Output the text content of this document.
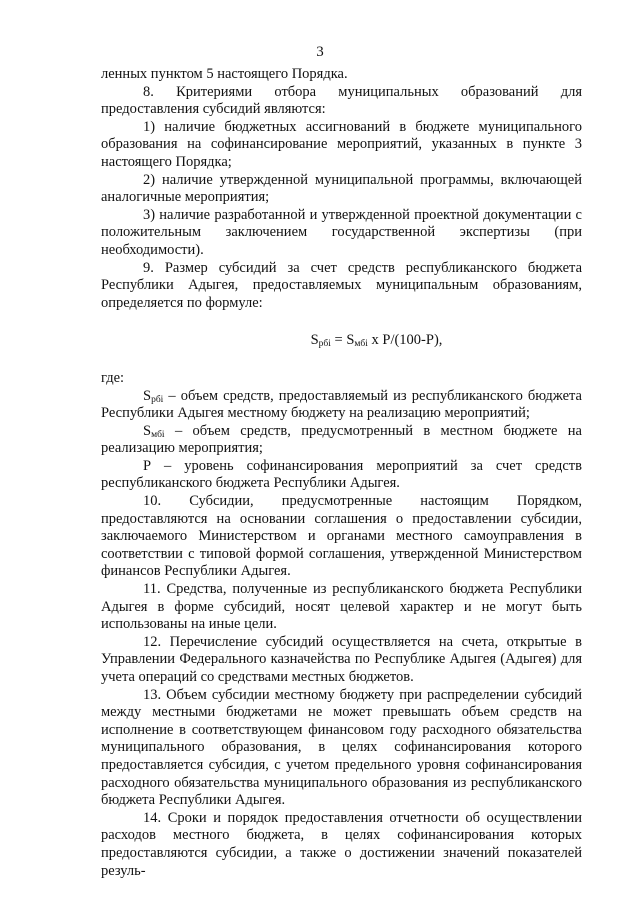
3

ленных пунктом 5 настоящего Порядка.

8. Критериями отбора муниципальных образований для предоставления субсидий являются:

1) наличие бюджетных ассигнований в бюджете муниципального образования на софинансирование мероприятий, указанных в пункте 3 настоящего Порядка;

2) наличие утвержденной муниципальной программы, включающей аналогичные мероприятия;

3) наличие разработанной и утвержденной проектной документации с положительным заключением государственной экспертизы (при необходимости).

9. Размер субсидий за счет средств республиканского бюджета Республики Адыгея, предоставляемых муниципальным образованиям, определяется по формуле:

$S_{рбi} = S_{мбi}$ x P/(100-P),

где:

$S_{рбi}$ – объем средств, предоставляемый из республиканского бюджета Республики Адыгея местному бюджету на реализацию мероприятий;

$S_{мбi}$ – объем средств, предусмотренный в местном бюджете на реализацию мероприятия;

Р – уровень софинансирования мероприятий за счет средств республиканского бюджета Республики Адыгея.

10. Субсидии, предусмотренные настоящим Порядком, предоставляются на основании соглашения о предоставлении субсидии, заключаемого Министерством и органами местного самоуправления в соответствии с типовой формой соглашения, утвержденной Министерством финансов Республики Адыгея.

11. Средства, полученные из республиканского бюджета Республики Адыгея в форме субсидий, носят целевой характер и не могут быть использованы на иные цели.

12. Перечисление субсидий осуществляется на счета, открытые в Управлении Федерального казначейства по Республике Адыгея (Адыгея) для учета операций со средствами местных бюджетов.

13. Объем субсидии местному бюджету при распределении субсидий между местными бюджетами не может превышать объем средств на исполнение в соответствующем финансовом году расходного обязательства муниципального образования, в целях софинансирования которого предоставляется субсидия, с учетом предельного уровня софинансирования расходного обязательства муниципального образования из республиканского бюджета Республики Адыгея.

14. Сроки и порядок предоставления отчетности об осуществлении расходов местного бюджета, в целях софинансирования которых предоставляются субсидии, а также о достижении значений показателей резуль-
